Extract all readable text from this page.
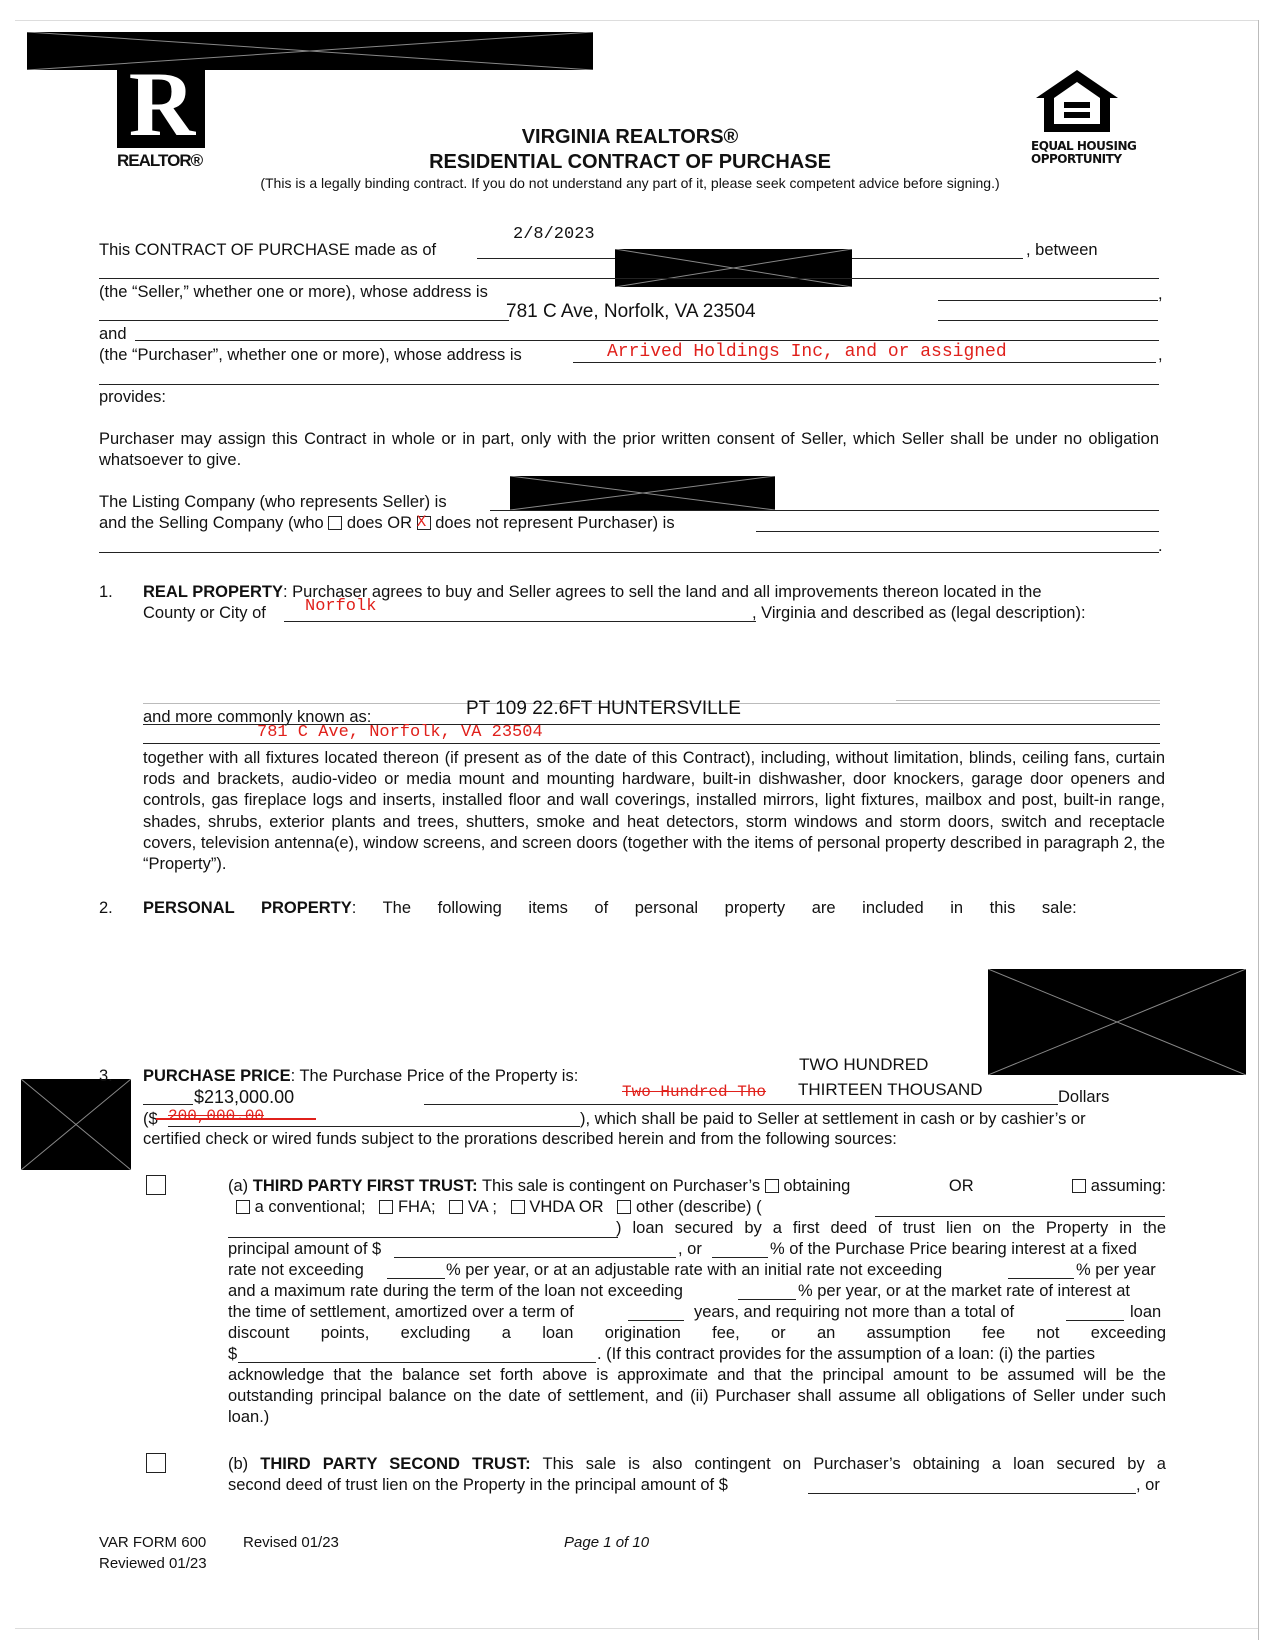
R
REALTOR®
EQUAL HOUSING
OPPORTUNITY
VIRGINIA REALTORS®
RESIDENTIAL CONTRACT OF PURCHASE
(This is a legally binding contract. If you do not understand any part of it, please seek competent advice before signing.)
This CONTRACT OF PURCHASE made as of
2/8/2023
, between
(the “Seller,” whether one or more), whose address is	,
781 C Ave, Norfolk, VA 23504
and
(the “Purchaser”, whether one or more), whose address is	Arrived Holdings Inc, and or assigned	,
provides:
Purchaser may assign this Contract in whole or in part, only with the prior written consent of Seller, which Seller shall be under no obligation whatsoever to give.
The Listing Company (who represents Seller) is
and the Selling Company (who does OR X does not represent Purchaser) is
.
1. REAL PROPERTY: Purchaser agrees to buy and Seller agrees to sell the land and all improvements thereon located in the
County or City of Norfolk	, Virginia and described as (legal description):
and more commonly known as:	PT 109 22.6FT HUNTERSVILLE
781 C Ave, Norfolk, VA 23504
together with all fixtures located thereon (if present as of the date of this Contract), including, without limitation, blinds, ceiling fans, curtain rods and brackets, audio-video or media mount and mounting hardware, built-in dishwasher, door knockers, garage door openers and controls, gas fireplace logs and inserts, installed floor and wall coverings, installed mirrors, light fixtures, mailbox and post, built-in range, shades, shrubs, exterior plants and trees, shutters, smoke and heat detectors, storm windows and storm doors, switch and receptacle covers, television antenna(e), window screens, and screen doors (together with the items of personal property described in paragraph 2, the “Property”).
2. PERSONAL PROPERTY: The following items of personal property are included in this sale:
3. PURCHASE PRICE: The Purchase Price of the Property is:
TWO HUNDRED
Two Hundred Tho THIRTEEN THOUSAND	Dollars
$213,000.00
($ 200,000.00	), which shall be paid to Seller at settlement in cash or by cashier’s or
certified check or wired funds subject to the prorations described herein and from the following sources:
(a) THIRD PARTY FIRST TRUST: This sale is contingent on Purchaser’s obtaining	OR	assuming:
a conventional; FHA; VA ; VHDA OR other (describe) (
) loan secured by a first deed of trust lien on the Property in the
principal amount of $	, or	% of the Purchase Price bearing interest at a fixed
rate not exceeding	% per year, or at an adjustable rate with an initial rate not exceeding	% per year
and a maximum rate during the term of the loan not exceeding	% per year, or at the market rate of interest at
the time of settlement, amortized over a term of	years, and requiring not more than a total of	loan
discount points, excluding a loan origination fee, or an assumption fee not exceeding
$	. (If this contract provides for the assumption of a loan: (i) the parties
acknowledge that the balance set forth above is approximate and that the principal amount to be assumed will be the outstanding principal balance on the date of settlement, and (ii) Purchaser shall assume all obligations of Seller under such loan.)
(b) THIRD PARTY SECOND TRUST: This sale is also contingent on Purchaser’s obtaining a loan secured by a
second deed of trust lien on the Property in the principal amount of $	, or
VAR FORM 600 Revised 01/23
Reviewed 01/23
Page 1 of 10
